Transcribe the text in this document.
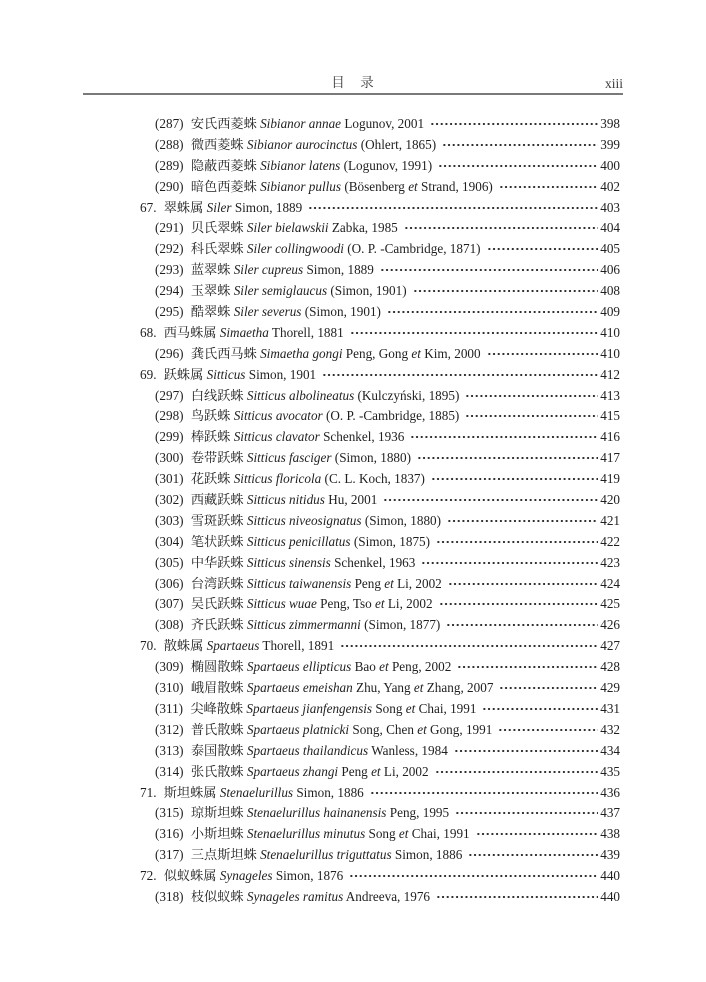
目　录	xiii
(287) 安氏西菱蛛 Sibianor annae Logunov, 2001	398
(288) 微西菱蛛 Sibianor aurocinctus (Ohlert, 1865)	399
(289) 隐蔽西菱蛛 Sibianor latens (Logunov, 1991)	400
(290) 暗色西菱蛛 Sibianor pullus (Bösenberg et Strand, 1906)	402
67. 翠蛛属 Siler Simon, 1889	403
(291) 贝氏翠蛛 Siler bielawskii Zabka, 1985	404
(292) 科氏翠蛛 Siler collingwoodi (O. P. -Cambridge, 1871)	405
(293) 蓝翠蛛 Siler cupreus Simon, 1889	406
(294) 玉翠蛛 Siler semiglaucus (Simon, 1901)	408
(295) 酷翠蛛 Siler severus (Simon, 1901)	409
68. 西马蛛属 Simaetha Thorell, 1881	410
(296) 龚氏西马蛛 Simaetha gongi Peng, Gong et Kim, 2000	410
69. 跃蛛属 Sitticus Simon, 1901	412
(297) 白线跃蛛 Sitticus albolineatus (Kulczyński, 1895)	413
(298) 鸟跃蛛 Sitticus avocator (O. P. -Cambridge, 1885)	415
(299) 棒跃蛛 Sitticus clavator Schenkel, 1936	416
(300) 卷带跃蛛 Sitticus fasciger (Simon, 1880)	417
(301) 花跃蛛 Sitticus floricola (C. L. Koch, 1837)	419
(302) 西藏跃蛛 Sitticus nitidus Hu, 2001	420
(303) 雪斑跃蛛 Sitticus niveosignatus (Simon, 1880)	421
(304) 笔状跃蛛 Sitticus penicillatus (Simon, 1875)	422
(305) 中华跃蛛 Sitticus sinensis Schenkel, 1963	423
(306) 台湾跃蛛 Sitticus taiwanensis Peng et Li, 2002	424
(307) 吴氏跃蛛 Sitticus wuae Peng, Tso et Li, 2002	425
(308) 齐氏跃蛛 Sitticus zimmermanni (Simon, 1877)	426
70. 散蛛属 Spartaeus Thorell, 1891	427
(309) 椭圆散蛛 Spartaeus ellipticus Bao et Peng, 2002	428
(310) 峨眉散蛛 Spartaeus emeishan Zhu, Yang et Zhang, 2007	429
(311) 尖峰散蛛 Spartaeus jianfengensis Song et Chai, 1991	431
(312) 普氏散蛛 Spartaeus platnicki Song, Chen et Gong, 1991	432
(313) 泰国散蛛 Spartaeus thailandicus Wanless, 1984	434
(314) 张氏散蛛 Spartaeus zhangi Peng et Li, 2002	435
71. 斯坦蛛属 Stenaelurillus Simon, 1886	436
(315) 琼斯坦蛛 Stenaelurillus hainanensis Peng, 1995	437
(316) 小斯坦蛛 Stenaelurillus minutus Song et Chai, 1991	438
(317) 三点斯坦蛛 Stenaelurillus triguttatus Simon, 1886	439
72. 似蚁蛛属 Synageles Simon, 1876	440
(318) 枝似蚁蛛 Synageles ramitus Andreeva, 1976	440
